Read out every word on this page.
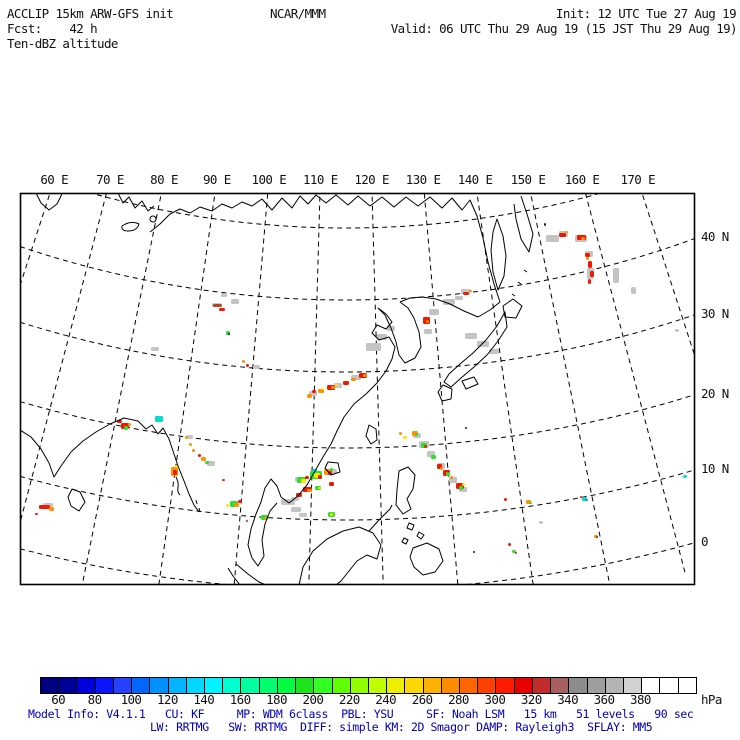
ACCLIP 15km ARW-GFS init	NCAR/MMM	Init: 12 UTC Tue 27 Aug 19
Fcst:    42 h	Valid: 06 UTC Thu 29 Aug 19 (15 JST Thu 29 Aug 19)
Ten-dBZ altitude
60 E 70 E 80 E 90 E 100 E 110 E 120 E 130 E 140 E 150 E 160 E 170 E
40 N
30 N
20 N
10 N
0
60 80 100 120 140 160 180 200 220 240 260 280 300 320 340 360 380	hPa
Model Info: V4.1.1   CU: KF     MP: WDM 6class  PBL: YSU     SF: Noah LSM   15 km   51 levels   90 sec
LW: RRTMG   SW: RRTMG  DIFF: simple KM: 2D Smagor DAMP: Rayleigh3  SFLAY: MM5
